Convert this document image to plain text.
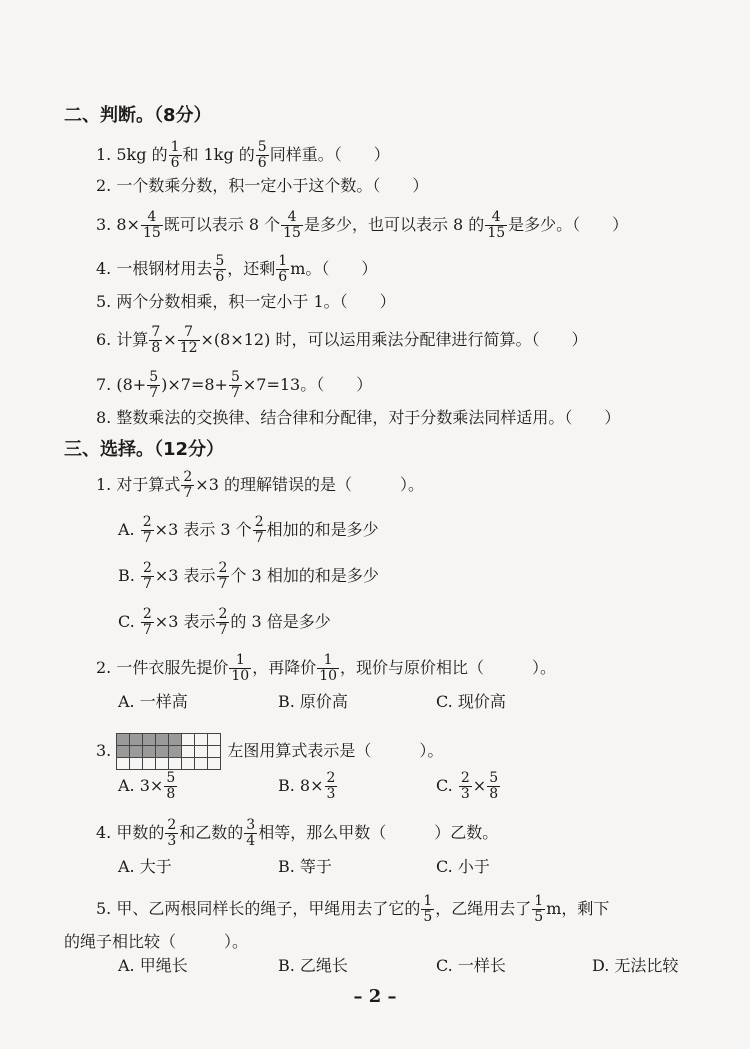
二、判断。（8分）
1. 5kg 的 $\frac{1}{6}$ 和 1kg 的 $\frac{5}{6}$ 同样重。（　　）
2. 一个数乘分数，积一定小于这个数。（　　）
3. $8\times \frac{4}{15}$ 既可以表示 8 个 $\frac{4}{15}$ 是多少，也可以表示 8 的 $\frac{4}{15}$ 是多少。（　　）
4. 一根钢材用去 $\frac{5}{6}$ ，还剩 $\frac{1}{6}$ m。（　　）
5. 两个分数相乘，积一定小于 1。（　　）
6. 计算 $\frac{7}{8} \times \frac{7}{12} \times(8\times 12)$ 时，可以运用乘法分配律进行简算。（　　）
7. $(8+ \frac{5}{7} )\times 7=8+ \frac{5}{7} \times 7=13$。（　　）
8. 整数乘法的交换律、结合律和分配律，对于分数乘法同样适用。（　　）
三、选择。（12分）
1. 对于算式 $\frac{2}{7} \times 3$ 的理解错误的是（　　　）。
A. $\frac{2}{7} \times 3$ 表示 3 个 $\frac{2}{7}$ 相加的和是多少
B. $\frac{2}{7} \times 3$ 表示 $\frac{2}{7}$ 个 3 相加的和是多少
C. $\frac{2}{7} \times 3$ 表示 $\frac{2}{7}$ 的 3 倍是多少
2. 一件衣服先提价 $\frac{1}{10}$ ，再降价 $\frac{1}{10}$ ，现价与原价相比（　　　）。
A. 一样高	B. 原价高	C. 现价高
3.							

								左图用算式表示是（　　　）。
A. $3\times \frac{5}{8}$	B. $8\times \frac{2}{3}$	C. $\frac{2}{3} \times \frac{5}{8}$
4. 甲数的 $\frac{2}{3}$ 和乙数的 $\frac{3}{4}$ 相等，那么甲数（　　　）乙数。
A. 大于	B. 等于	C. 小于
5. 甲、乙两根同样长的绳子，甲绳用去了它的 $\frac{1}{5}$ ，乙绳用去了 $\frac{1}{5}$ m，剩下
的绳子相比较（　　　）。
A. 甲绳长	B. 乙绳长	C. 一样长	D. 无法比较
– 2 –
